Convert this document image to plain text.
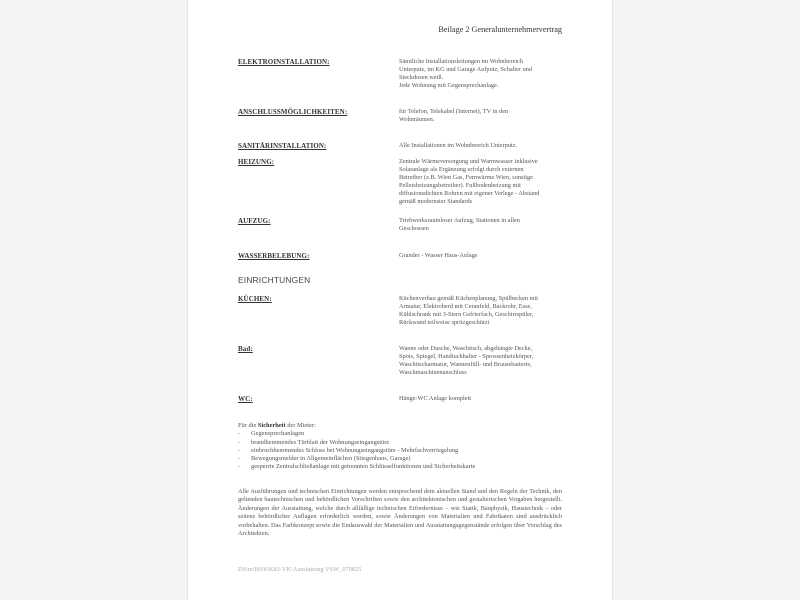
Beilage 2 Generalunternehmervertrag
ELEKTROINSTALLATION:	Sämtliche Installationsleitungen im Wohnbereich
Unterputz, im KG und Garage Aufputz, Schalter und
Steckdosen weiß.
Jede Wohnung mit Gegensprechanlage.
ANSCHLUSSMÖGLICHKEITEN:	für Telefon, Telekabel (Internet), TV in den
Wohnräumen.
SANITÄRINSTALLATION:	Alle Installationen im Wohnbereich Unterputz.
HEIZUNG:	Zentrale Wärmeversorgung und Warmwasser inklusive
Solaranlage als Ergänzung erfolgt durch externen
Betreiber (z.B. Wien Gas, Fernwärme Wien, sonstige
Pelletsheizungsbetreiber). Fußbodenheizung mit
diffusionsdichten Rohren mit eigener Verlege - Abstand
gemäß modernster Standards
AUFZUG:	Triebwerksraumloser Aufzug, Stationen in allen
Geschossen
WASSERBELEBUNG:	Grander - Wasser Haus-Anlage
EINRICHTUNGEN
KÜCHEN:	Küchenverbau gemäß Küchenplanung, Spülbecken mit
Armatur, Elektroherd mit Ceranfeld, Backrohr, Esse,
Kühlschrank mit 3-Stern Gefrierfach, Geschirrspüler,
Rückwand teilweise spritzgeschützt
Bad:	Wanne oder Dusche, Waschtisch, abgehängte Decke,
Spots, Spiegel, Handtuchhalter - Sprossenheizkörper,
Waschtischarmatur, Wannenfüll- und Brausebatterie,
Waschmaschinenanschluss
WC:	Hänge-WC Anlage komplett
Für die Sicherheit der Mieter:
- Gegensprechanlagen
- brandhemmendes Türblatt der Wohnungseingangstüre
- einbruchhemmendes Schloss bei Wohnungseingangstüre - Mehrfachverriegelung
- Bewegungsmelder in Allgemeinflächen (Stiegenhaus, Garage)
- gesperrte Zentralschließanlage mit getrennten Schlüsselfunktionen und Sicherheitskarte
Alle Ausführungen und technischen Einrichtungen werden entsprechend dem aktuellen Stand und den Regeln der Technik, den geltenden bautechnischen und behördlichen Vorschriften sowie den architektonischen und gestalterischen Vorgaben hergestellt. Änderungen der Ausstattung, welche durch allfällige technischen Erfordernisse – wie Statik, Bauphysik, Haustechnik – oder seitens behördlicher Auflagen erforderlich werden, sowie Änderungen von Materialien und Fabrikaten sind ausdrücklich vorbehalten. Das Farbkonzept sowie die Endauswahl der Materialien und Ausstattungsgegenstände erfolgen über Vorschlag des Architekten.
DS\m\BNS\K83-VK\Ausstattung VSW_070825
